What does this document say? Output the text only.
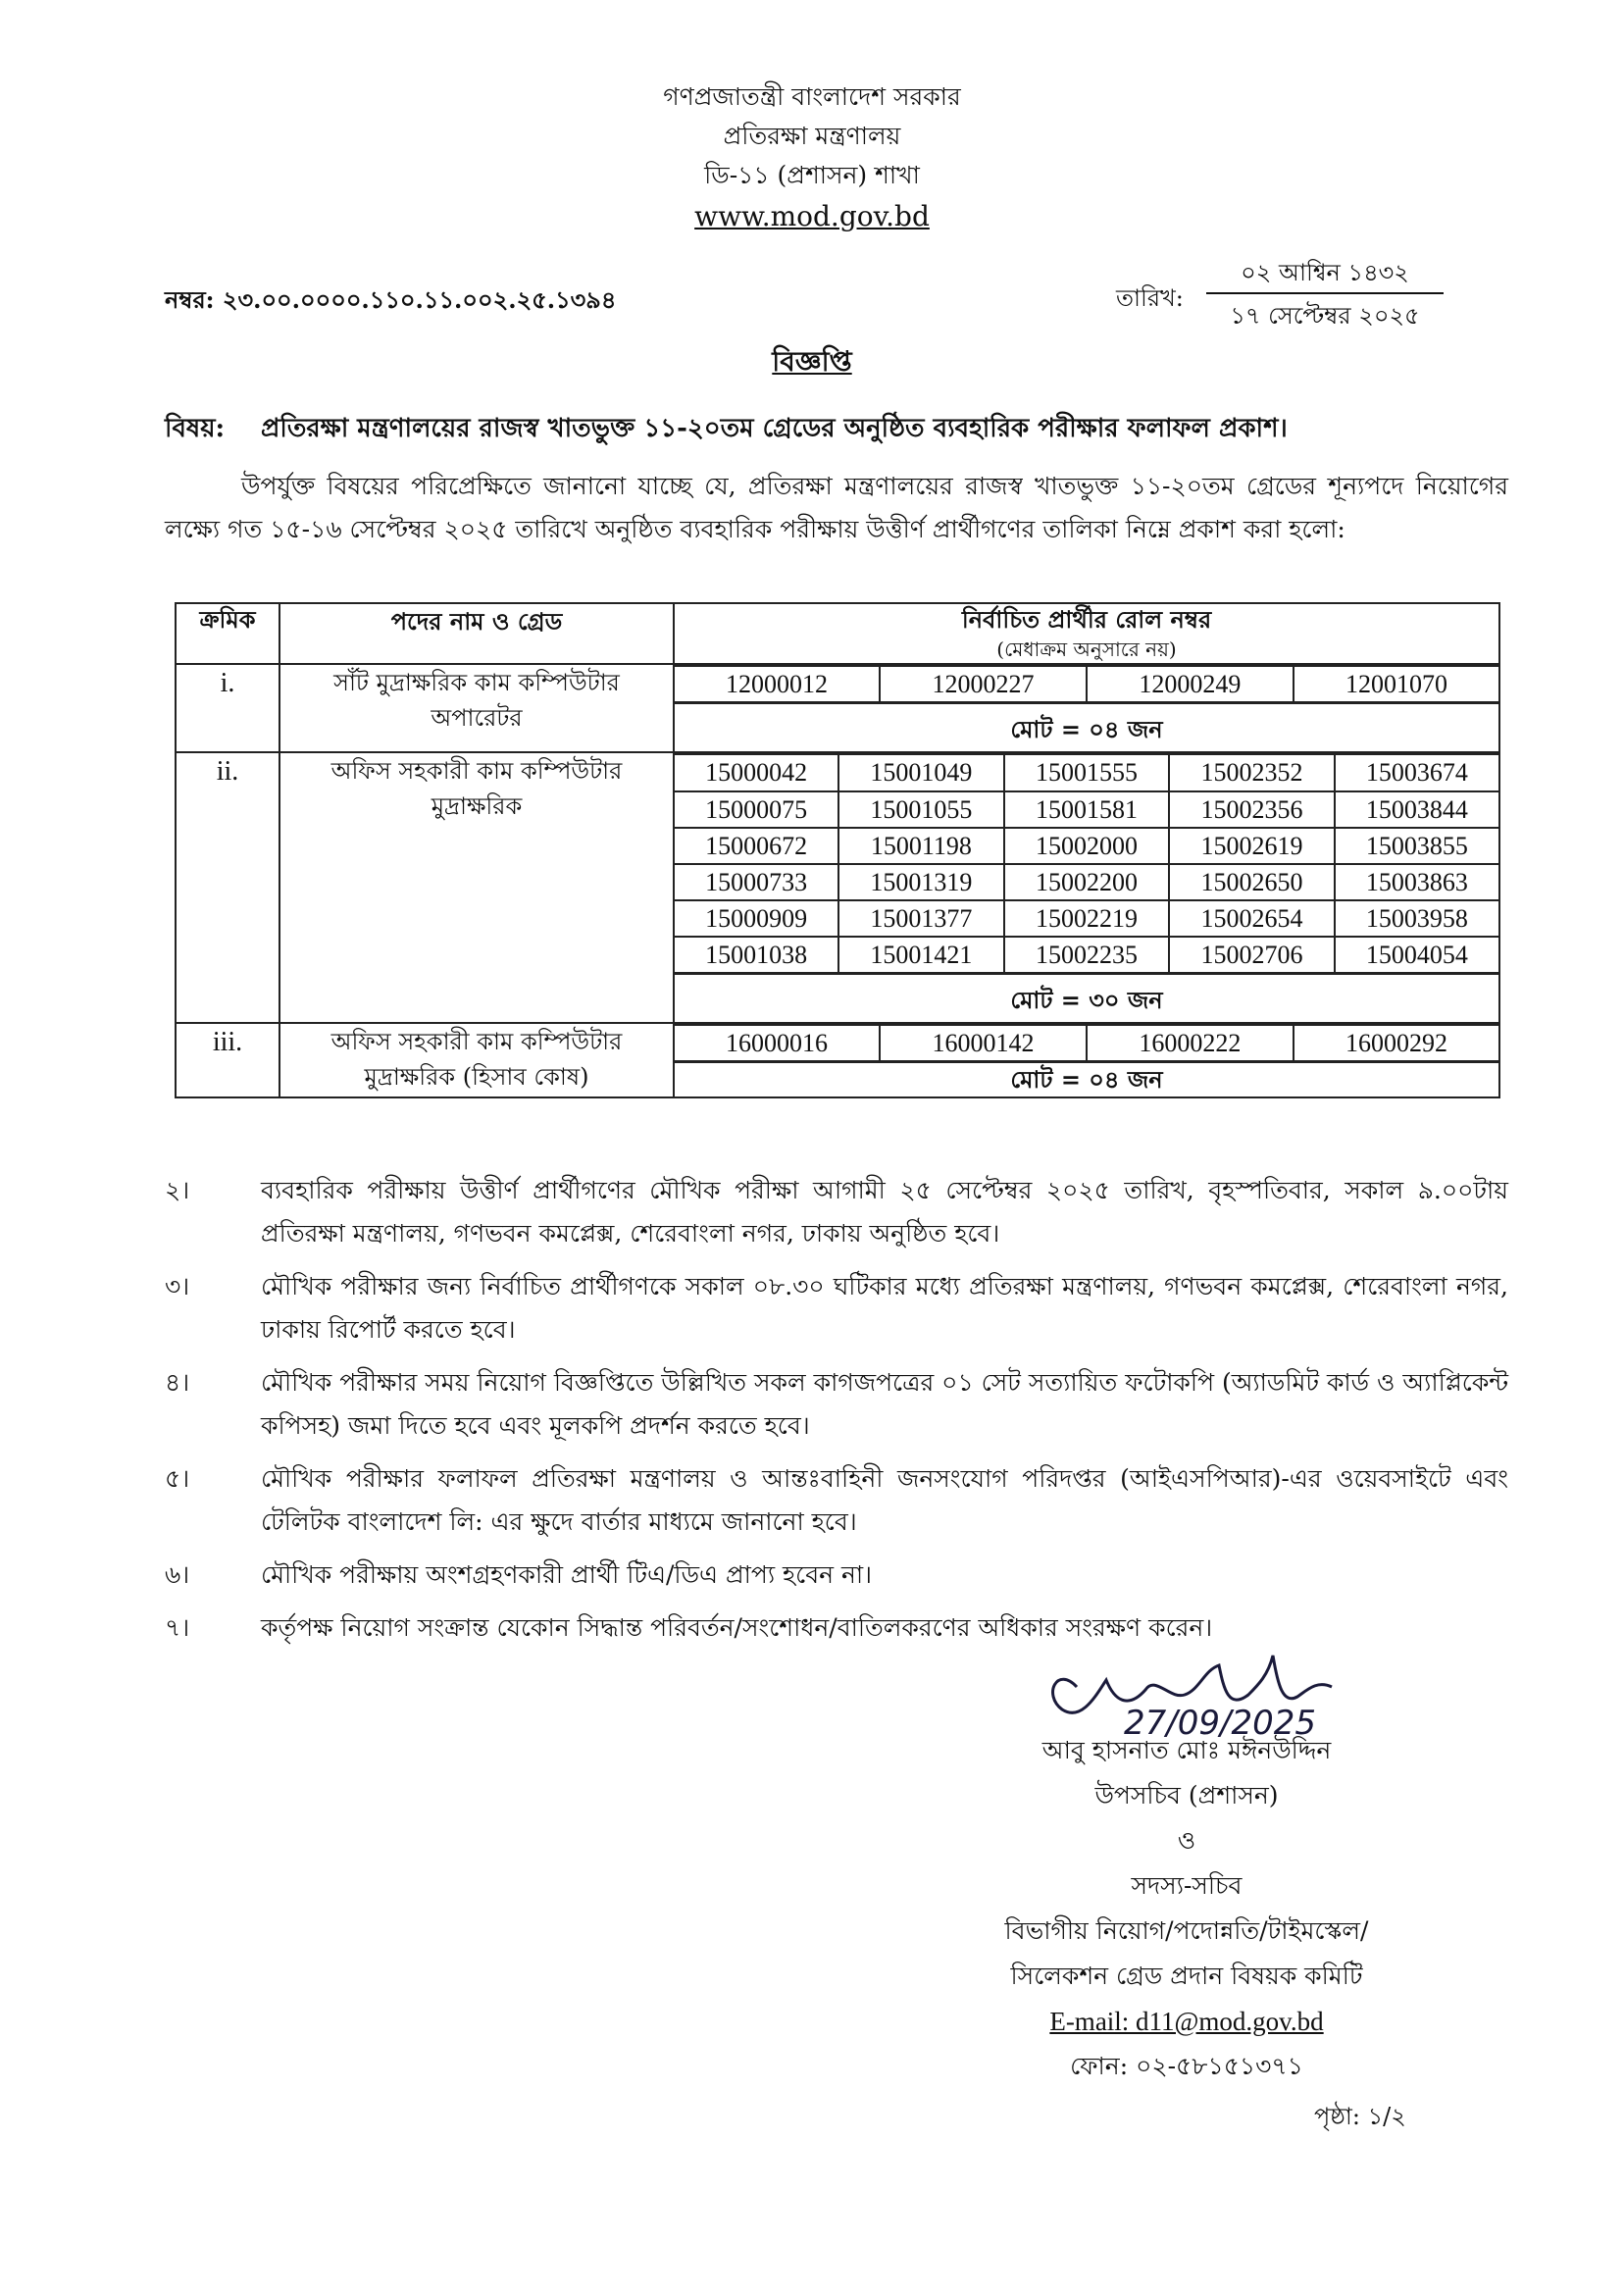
গণপ্রজাতন্ত্রী বাংলাদেশ সরকার
প্রতিরক্ষা মন্ত্রণালয়
ডি-১১ (প্রশাসন) শাখা
www.mod.gov.bd
নম্বর: ২৩.০০.০০০০.১১০.১১.০০২.২৫.১৩৯৪	তারিখ:
০২ আশ্বিন ১৪৩২
১৭ সেপ্টেম্বর ২০২৫
বিজ্ঞপ্তি
বিষয়: প্রতিরক্ষা মন্ত্রণালয়ের রাজস্ব খাতভুক্ত ১১-২০তম গ্রেডের অনুষ্ঠিত ব্যবহারিক পরীক্ষার ফলাফল প্রকাশ।
উপর্যুক্ত বিষয়ের পরিপ্রেক্ষিতে জানানো যাচ্ছে যে, প্রতিরক্ষা মন্ত্রণালয়ের রাজস্ব খাতভুক্ত ১১-২০তম গ্রেডের শূন্যপদে নিয়োগের লক্ষ্যে গত ১৫-১৬ সেপ্টেম্বর ২০২৫ তারিখে অনুষ্ঠিত ব্যবহারিক পরীক্ষায় উত্তীর্ণ প্রার্থীগণের তালিকা নিম্নে প্রকাশ করা হলো:
ক্রমিক	পদের নাম ও গ্রেড	নির্বাচিত প্রার্থীর রোল নম্বর
(মেধাক্রম অনুসারে নয়)

i.	সাঁট মুদ্রাক্ষরিক কাম কম্পিউটার অপারেটর	
12000012	12000227	12000249	12001070
মোট = ০৪ জন

ii.	অফিস সহকারী কাম কম্পিউটার মুদ্রাক্ষরিক	
15000042	15001049	15001555	15002352	15003674
15000075	15001055	15001581	15002356	15003844
15000672	15001198	15002000	15002619	15003855
15000733	15001319	15002200	15002650	15003863
15000909	15001377	15002219	15002654	15003958
15001038	15001421	15002235	15002706	15004054
মোট = ৩০ জন

iii.	অফিস সহকারী কাম কম্পিউটার মুদ্রাক্ষরিক (হিসাব কোষ)	
16000016	16000142	16000222	16000292
মোট = ০৪ জন
২।	ব্যবহারিক পরীক্ষায় উত্তীর্ণ প্রার্থীগণের মৌখিক পরীক্ষা আগামী ২৫ সেপ্টেম্বর ২০২৫ তারিখ, বৃহস্পতিবার, সকাল ৯.০০টায় প্রতিরক্ষা মন্ত্রণালয়, গণভবন কমপ্লেক্স, শেরেবাংলা নগর, ঢাকায় অনুষ্ঠিত হবে।
৩।	মৌখিক পরীক্ষার জন্য নির্বাচিত প্রার্থীগণকে সকাল ০৮.৩০ ঘটিকার মধ্যে প্রতিরক্ষা মন্ত্রণালয়, গণভবন কমপ্লেক্স, শেরেবাংলা নগর, ঢাকায় রিপোর্ট করতে হবে।
৪।	মৌখিক পরীক্ষার সময় নিয়োগ বিজ্ঞপ্তিতে উল্লিখিত সকল কাগজপত্রের ০১ সেট সত্যায়িত ফটোকপি (অ্যাডমিট কার্ড ও অ্যাপ্লিকেন্ট কপিসহ) জমা দিতে হবে এবং মূলকপি প্রদর্শন করতে হবে।
৫।	মৌখিক পরীক্ষার ফলাফল প্রতিরক্ষা মন্ত্রণালয় ও আন্তঃবাহিনী জনসংযোগ পরিদপ্তর (আইএসপিআর)-এর ওয়েবসাইটে এবং টেলিটক বাংলাদেশ লি: এর ক্ষুদে বার্তার মাধ্যমে জানানো হবে।
৬।	মৌখিক পরীক্ষায় অংশগ্রহণকারী প্রার্থী টিএ/ডিএ প্রাপ্য হবেন না।
৭।	কর্তৃপক্ষ নিয়োগ সংক্রান্ত যেকোন সিদ্ধান্ত পরিবর্তন/সংশোধন/বাতিলকরণের অধিকার সংরক্ষণ করেন।
27/09/2025
আবু হাসনাত মোঃ মঈনউদ্দিন
উপসচিব (প্রশাসন)
ও
সদস্য-সচিব
বিভাগীয় নিয়োগ/পদোন্নতি/টাইমস্কেল/
সিলেকশন গ্রেড প্রদান বিষয়ক কমিটি
E-mail: d11@mod.gov.bd
ফোন: ০২-৫৮১৫১৩৭১
পৃষ্ঠা: ১/২
